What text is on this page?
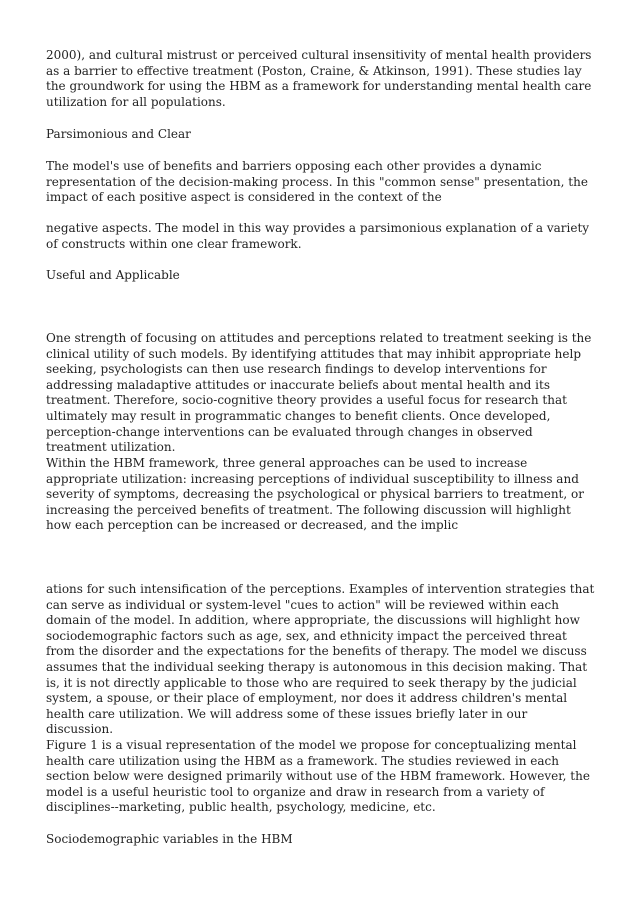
2000), and cultural mistrust or perceived cultural insensitivity of mental health providers as a barrier to effective treatment (Poston, Craine, & Atkinson, 1991). These studies lay the groundwork for using the HBM as a framework for understanding mental health care utilization for all populations.

Parsimonious and Clear

The model's use of benefits and barriers opposing each other provides a dynamic representation of the decision-making process. In this "common sense" presentation, the impact of each positive aspect is considered in the context of the

negative aspects. The model in this way provides a parsimonious explanation of a variety of constructs within one clear framework.

Useful and Applicable

One strength of focusing on attitudes and perceptions related to treatment seeking is the clinical utility of such models. By identifying attitudes that may inhibit appropriate help seeking, psychologists can then use research findings to develop interventions for addressing maladaptive attitudes or inaccurate beliefs about mental health and its treatment. Therefore, socio-cognitive theory provides a useful focus for research that ultimately may result in programmatic changes to benefit clients. Once developed, perception-change interventions can be evaluated through changes in observed treatment utilization.

Within the HBM framework, three general approaches can be used to increase appropriate utilization: increasing perceptions of individual susceptibility to illness and severity of symptoms, decreasing the psychological or physical barriers to treatment, or increasing the perceived benefits of treatment. The following discussion will highlight how each perception can be increased or decreased, and the implic

ations for such intensification of the perceptions. Examples of intervention strategies that can serve as individual or system-level "cues to action" will be reviewed within each domain of the model. In addition, where appropriate, the discussions will highlight how sociodemographic factors such as age, sex, and ethnicity impact the perceived threat from the disorder and the expectations for the benefits of therapy. The model we discuss assumes that the individual seeking therapy is autonomous in this decision making. That is, it is not directly applicable to those who are required to seek therapy by the judicial system, a spouse, or their place of employment, nor does it address children's mental health care utilization. We will address some of these issues briefly later in our discussion.

Figure 1 is a visual representation of the model we propose for conceptualizing mental health care utilization using the HBM as a framework. The studies reviewed in each section below were designed primarily without use of the HBM framework. However, the model is a useful heuristic tool to organize and draw in research from a variety of disciplines--marketing, public health, psychology, medicine, etc.

Sociodemographic variables in the HBM
